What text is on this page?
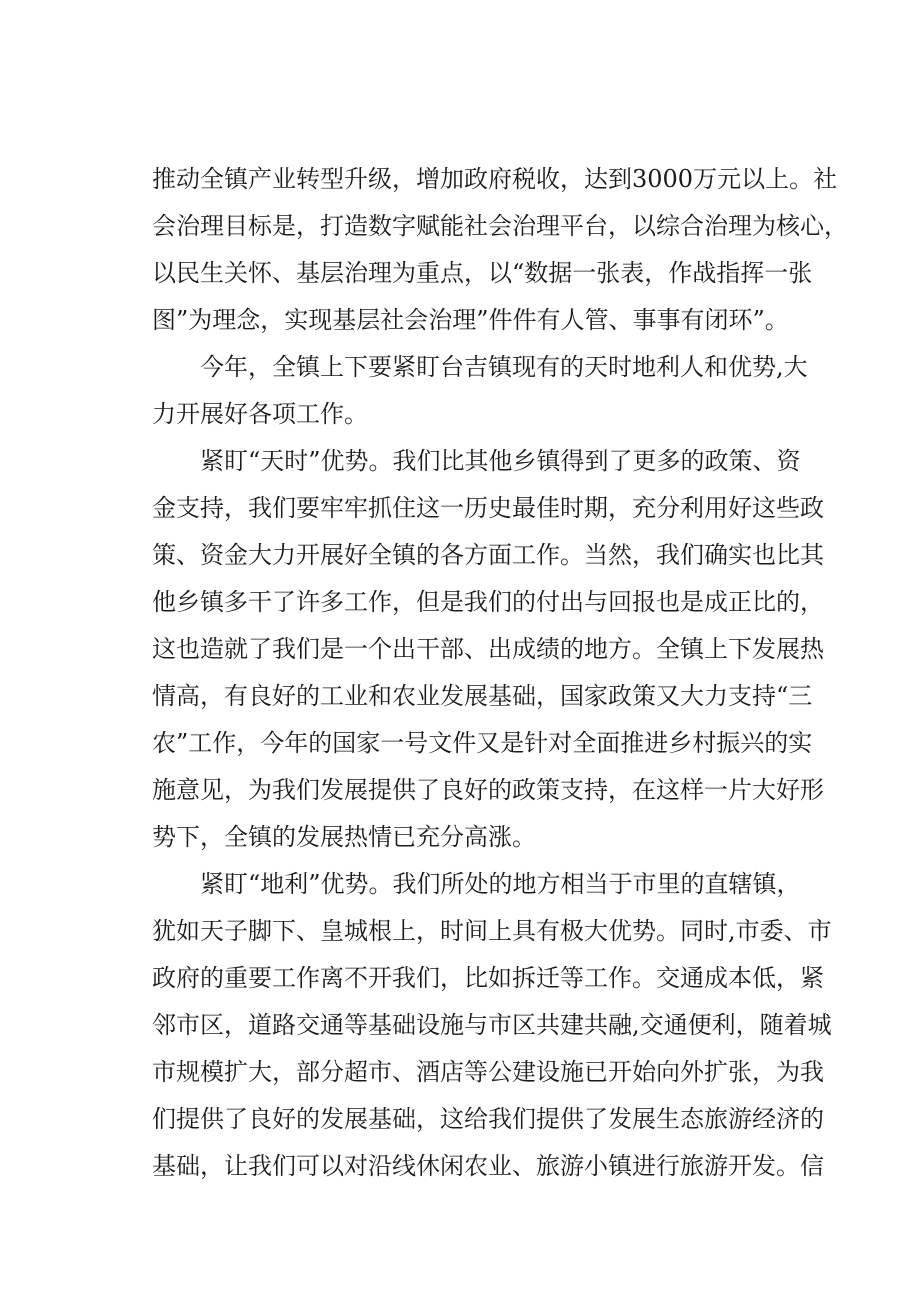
推动全镇产业转型升级，增加政府税收，达到3000万元以上。社
会治理目标是，打造数字赋能社会治理平台，以综合治理为核心，
以民生关怀、基层治理为重点，以“数据一张表，作战指挥一张
图”为理念，实现基层社会治理”件件有人管、事事有闭环”。
今年，全镇上下要紧盯台吉镇现有的天时地利人和优势,大
力开展好各项工作。
紧盯“天时”优势。我们比其他乡镇得到了更多的政策、资
金支持，我们要牢牢抓住这一历史最佳时期，充分利用好这些政
策、资金大力开展好全镇的各方面工作。当然，我们确实也比其
他乡镇多干了许多工作，但是我们的付出与回报也是成正比的，
这也造就了我们是一个出干部、出成绩的地方。全镇上下发展热
情高，有良好的工业和农业发展基础，国家政策又大力支持“三
农”工作，今年的国家一号文件又是针对全面推进乡村振兴的实
施意见，为我们发展提供了良好的政策支持，在这样一片大好形
势下，全镇的发展热情已充分高涨。
紧盯“地利”优势。我们所处的地方相当于市里的直辖镇，
犹如天子脚下、皇城根上，时间上具有极大优势。同时,市委、市
政府的重要工作离不开我们，比如拆迁等工作。交通成本低，紧
邻市区，道路交通等基础设施与市区共建共融,交通便利，随着城
市规模扩大，部分超市、酒店等公建设施已开始向外扩张，为我
们提供了良好的发展基础，这给我们提供了发展生态旅游经济的
基础，让我们可以对沿线休闲农业、旅游小镇进行旅游开发。信
